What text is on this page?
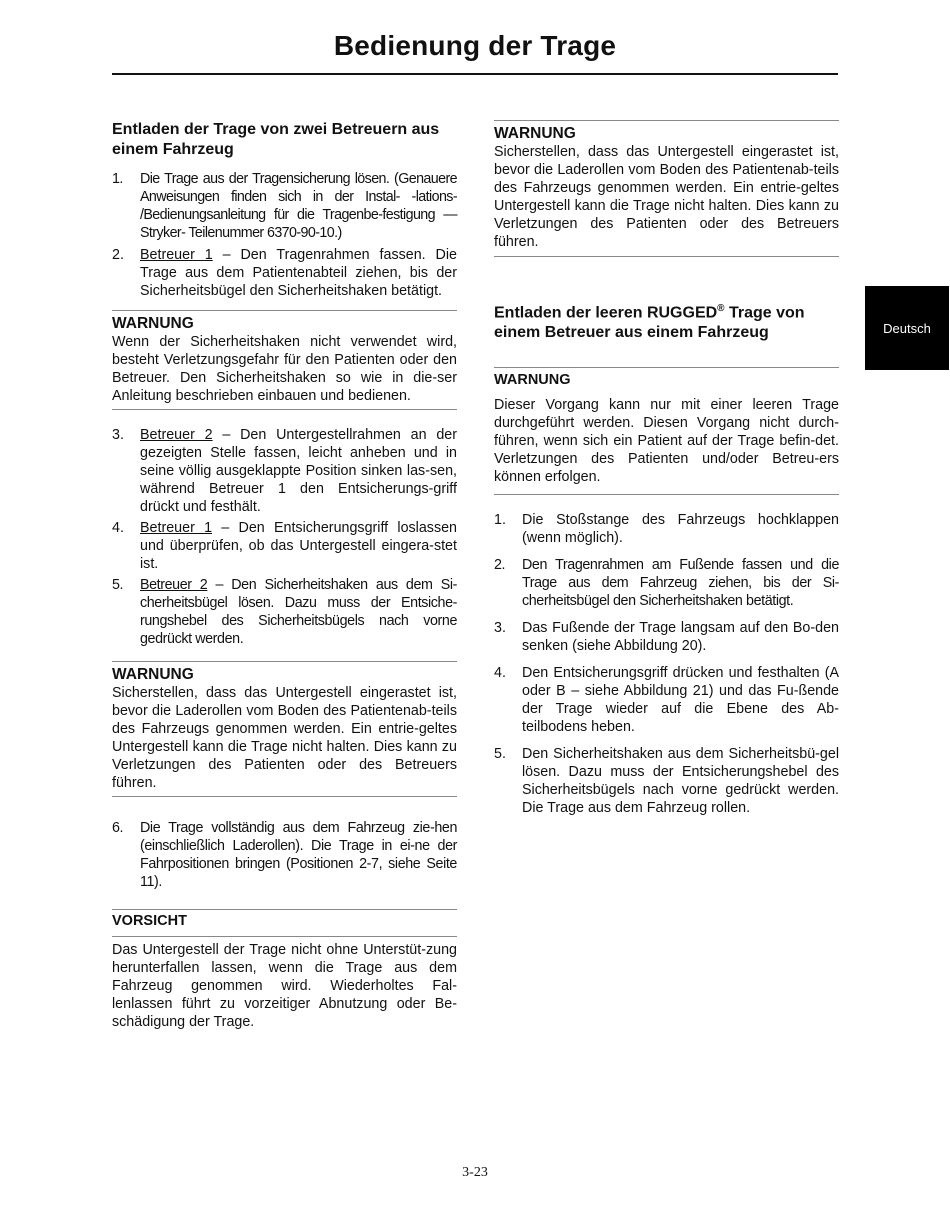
Bedienung der Trage
Entladen der Trage von zwei Betreuern aus einem Fahrzeug
1. Die Trage aus der Tragensicherung lösen. (Genauere Anweisungen finden sich in der Instal- -lations- /Bedienungsanleitung für die Tragenbe-festigung — Stryker- Teilenummer 6370-90-10.)
2. Betreuer 1 – Den Tragenrahmen fassen. Die Trage aus dem Patientenabteil ziehen, bis der Sicherheitsbügel den Sicherheitshaken betätigt.
WARNUNG

Wenn der Sicherheitshaken nicht verwendet wird, besteht Verletzungsgefahr für den Patienten oder den Betreuer. Den Sicherheitshaken so wie in die-ser Anleitung beschrieben einbauen und bedienen.

3. Betreuer 2 – Den Untergestellrahmen an der gezeigten Stelle fassen, leicht anheben und in seine völlig ausgeklappte Position sinken las-sen, während Betreuer 1 den Entsicherungs-griff drückt und festhält.
4. Betreuer 1 – Den Entsicherungsgriff loslassen und überprüfen, ob das Untergestell eingera-stet ist.
5. Betreuer 2 – Den Sicherheitshaken aus dem Si-cherheitsbügel lösen. Dazu muss der Entsiche-rungshebel des Sicherheitsbügels nach vorne gedrückt werden.
WARNUNG

Sicherstellen, dass das Untergestell eingerastet ist, bevor die Laderollen vom Boden des Patientenab-teils des Fahrzeugs genommen werden. Ein entrie-geltes Untergestell kann die Trage nicht halten. Dies kann zu Verletzungen des Patienten oder des Betreuers führen.

6. Die Trage vollständig aus dem Fahrzeug zie-hen (einschließlich Laderollen). Die Trage in ei-ne der Fahrpositionen bringen (Positionen 2-7, siehe Seite 11).
VORSICHT

Das Untergestell der Trage nicht ohne Unterstüt-zung herunterfallen lassen, wenn die Trage aus dem Fahrzeug genommen wird. Wiederholtes Fal-lenlassen führt zu vorzeitiger Abnutzung oder Be-schädigung der Trage.

WARNUNG

Sicherstellen, dass das Untergestell eingerastet ist, bevor die Laderollen vom Boden des Patientenab-teils des Fahrzeugs genommen werden. Ein entrie-geltes Untergestell kann die Trage nicht halten. Dies kann zu Verletzungen des Patienten oder des Betreuers führen.

Entladen der leeren RUGGED® Trage von einem Betreuer aus einem Fahrzeug
WARNUNG

Dieser Vorgang kann nur mit einer leeren Trage durchgeführt werden. Diesen Vorgang nicht durch-führen, wenn sich ein Patient auf der Trage befin-det. Verletzungen des Patienten und/oder Betreu-ers können erfolgen.

1. Die Stoßstange des Fahrzeugs hochklappen (wenn möglich).
2. Den Tragenrahmen am Fußende fassen und die Trage aus dem Fahrzeug ziehen, bis der Si-cherheitsbügel den Sicherheitshaken betätigt.
3. Das Fußende der Trage langsam auf den Bo-den senken (siehe Abbildung 20).
4. Den Entsicherungsgriff drücken und festhalten (A oder B – siehe Abbildung 21) und das Fu-ßende der Trage wieder auf die Ebene des Ab-teilbodens heben.
5. Den Sicherheitshaken aus dem Sicherheitsbü-gel lösen. Dazu muss der Entsicherungshebel des Sicherheitsbügels nach vorne gedrückt werden. Die Trage aus dem Fahrzeug rollen.
Deutsch
3-23
